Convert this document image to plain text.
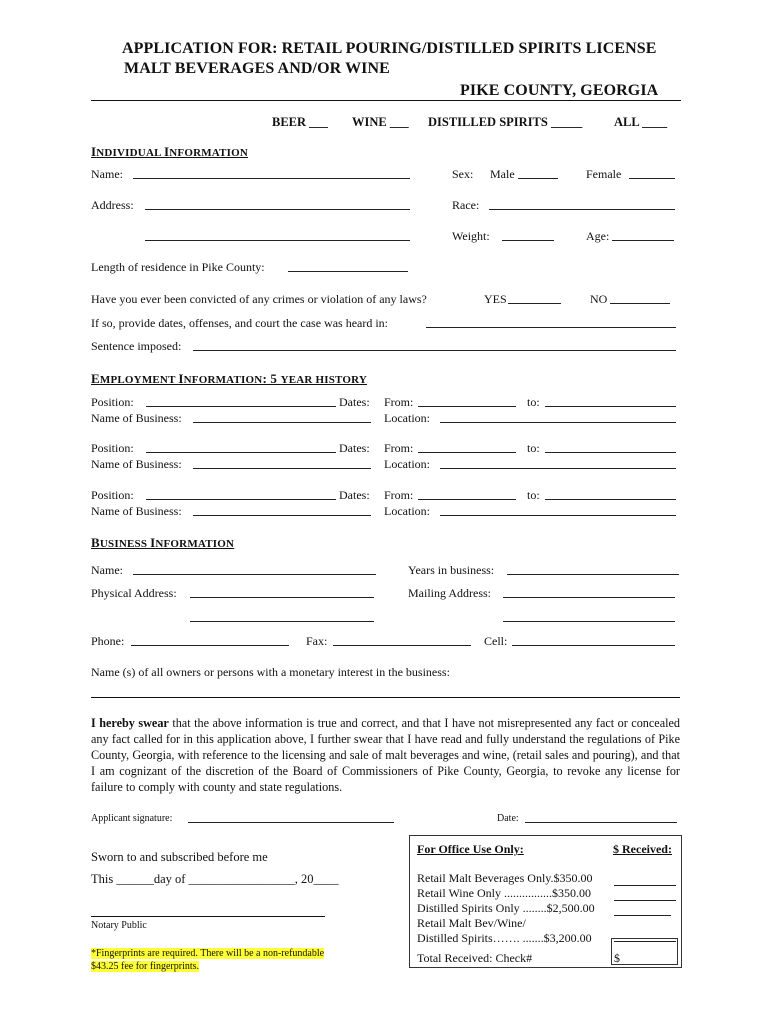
APPLICATION FOR: RETAIL POURING/DISTILLED SPIRITS LICENSE
MALT BEVERAGES AND/OR WINE
PIKE COUNTY, GEORGIA
BEER ___ WINE ___ DISTILLED SPIRITS _____	ALL ____
INDIVIDUAL INFORMATION
Name:	Sex: Male	Female
Address:	Race:
Weight:	Age:
Length of residence in Pike County:
Have you ever been convicted of any crimes or violation of any laws?	YES	NO
If so, provide dates, offenses, and court the case was heard in:
Sentence imposed:
EMPLOYMENT INFORMATION: 5 YEAR HISTORY
Position:	Dates: From:	to:
Name of Business:	Location:
Position:	Dates: From:	to:
Name of Business:	Location:
Position:	Dates: From:	to:
Name of Business:	Location:
BUSINESS INFORMATION
Name:	Years in business:
Physical Address:	Mailing Address:
Phone:	Fax:	Cell:
Name (s) of all owners or persons with a monetary interest in the business:
I hereby swear that the above information is true and correct, and that I have not misrepresented any fact or concealed any fact called for in this application above, I further swear that I have read and fully understand the regulations of Pike County, Georgia, with reference to the licensing and sale of malt beverages and wine, (retail sales and pouring), and that I am cognizant of the discretion of the Board of Commissioners of Pike County, Georgia, to revoke any license for failure to comply with county and state regulations.
Applicant signature:	Date:
Sworn to and subscribed before me
This ______day of _________________, 20____
Notary Public
*Fingerprints are required. There will be a non-refundable
$43.25 fee for fingerprints.
For Office Use Only:	$ Received:
Retail Malt Beverages Only.$350.00
Retail Wine Only ................$350.00
Distilled Spirits Only ........$2,500.00
Retail Malt Bev/Wine/
Distilled Spirits……. .......$3,200.00
Total Received: Check#	$
